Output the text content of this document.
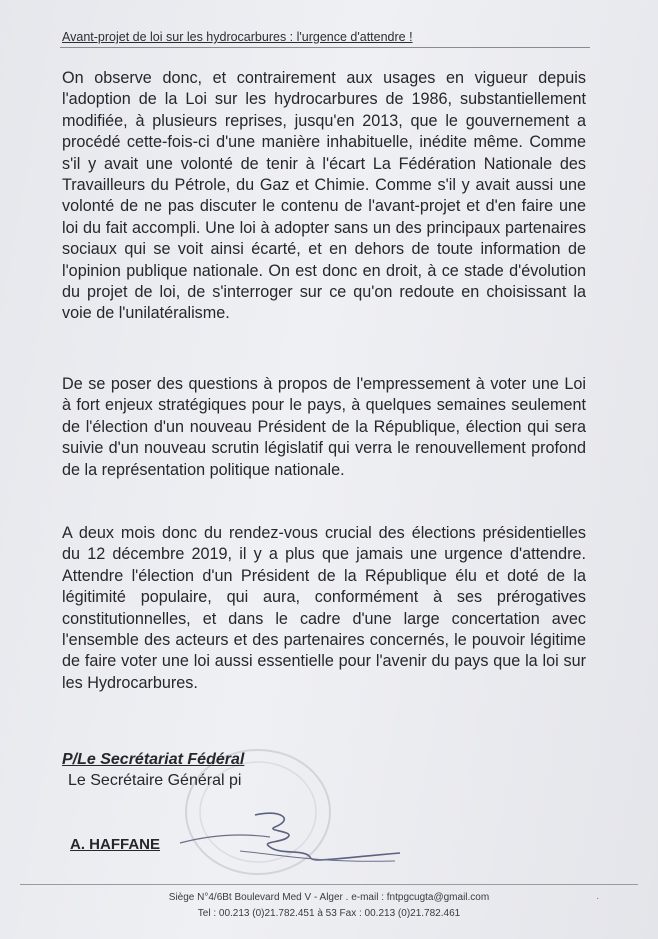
Avant-projet de loi sur les hydrocarbures : l'urgence d'attendre !

On observe donc, et contrairement aux usages en vigueur depuis l'adoption de la Loi sur les hydrocarbures de 1986, substantiellement modifiée, à plusieurs reprises, jusqu'en 2013, que le gouvernement a procédé cette-fois-ci d'une manière inhabituelle, inédite même. Comme s'il y avait une volonté de tenir à l'écart La Fédération Nationale des Travailleurs du Pétrole, du Gaz et Chimie. Comme s'il y avait aussi une volonté de ne pas discuter le contenu de l'avant-projet et d'en faire une loi du fait accompli. Une loi à adopter sans un des principaux partenaires sociaux qui se voit ainsi écarté, et en dehors de toute information de l'opinion publique nationale. On est donc en droit, à ce stade d'évolution du projet de loi, de s'interroger sur ce qu'on redoute en choisissant la voie de l'unilatéralisme.

De se poser des questions à propos de l'empressement à voter une Loi à fort enjeux stratégiques pour le pays, à quelques semaines seulement de l'élection d'un nouveau Président de la République, élection qui sera suivie d'un nouveau scrutin législatif qui verra le renouvellement profond de la représentation politique nationale.

A deux mois donc du rendez-vous crucial des élections présidentielles du 12 décembre 2019, il y a plus que jamais une urgence d'attendre. Attendre l'élection d'un Président de la République élu et doté de la légitimité populaire, qui aura, conformément à ses prérogatives constitutionnelles, et dans le cadre d'une large concertation avec l'ensemble des acteurs et des partenaires concernés, le pouvoir légitime de faire voter une loi aussi essentielle pour l'avenir du pays que la loi sur les Hydrocarbures.

P/Le Secrétariat Fédéral
Le Secrétaire Général pi
A. HAFFANE
Siège N°4/6Bt Boulevard Med V - Alger . e-mail : fntpgcugta@gmail.com
Tel : 00.213 (0)21.782.451 à 53 Fax : 00.213 (0)21.782.461
·
